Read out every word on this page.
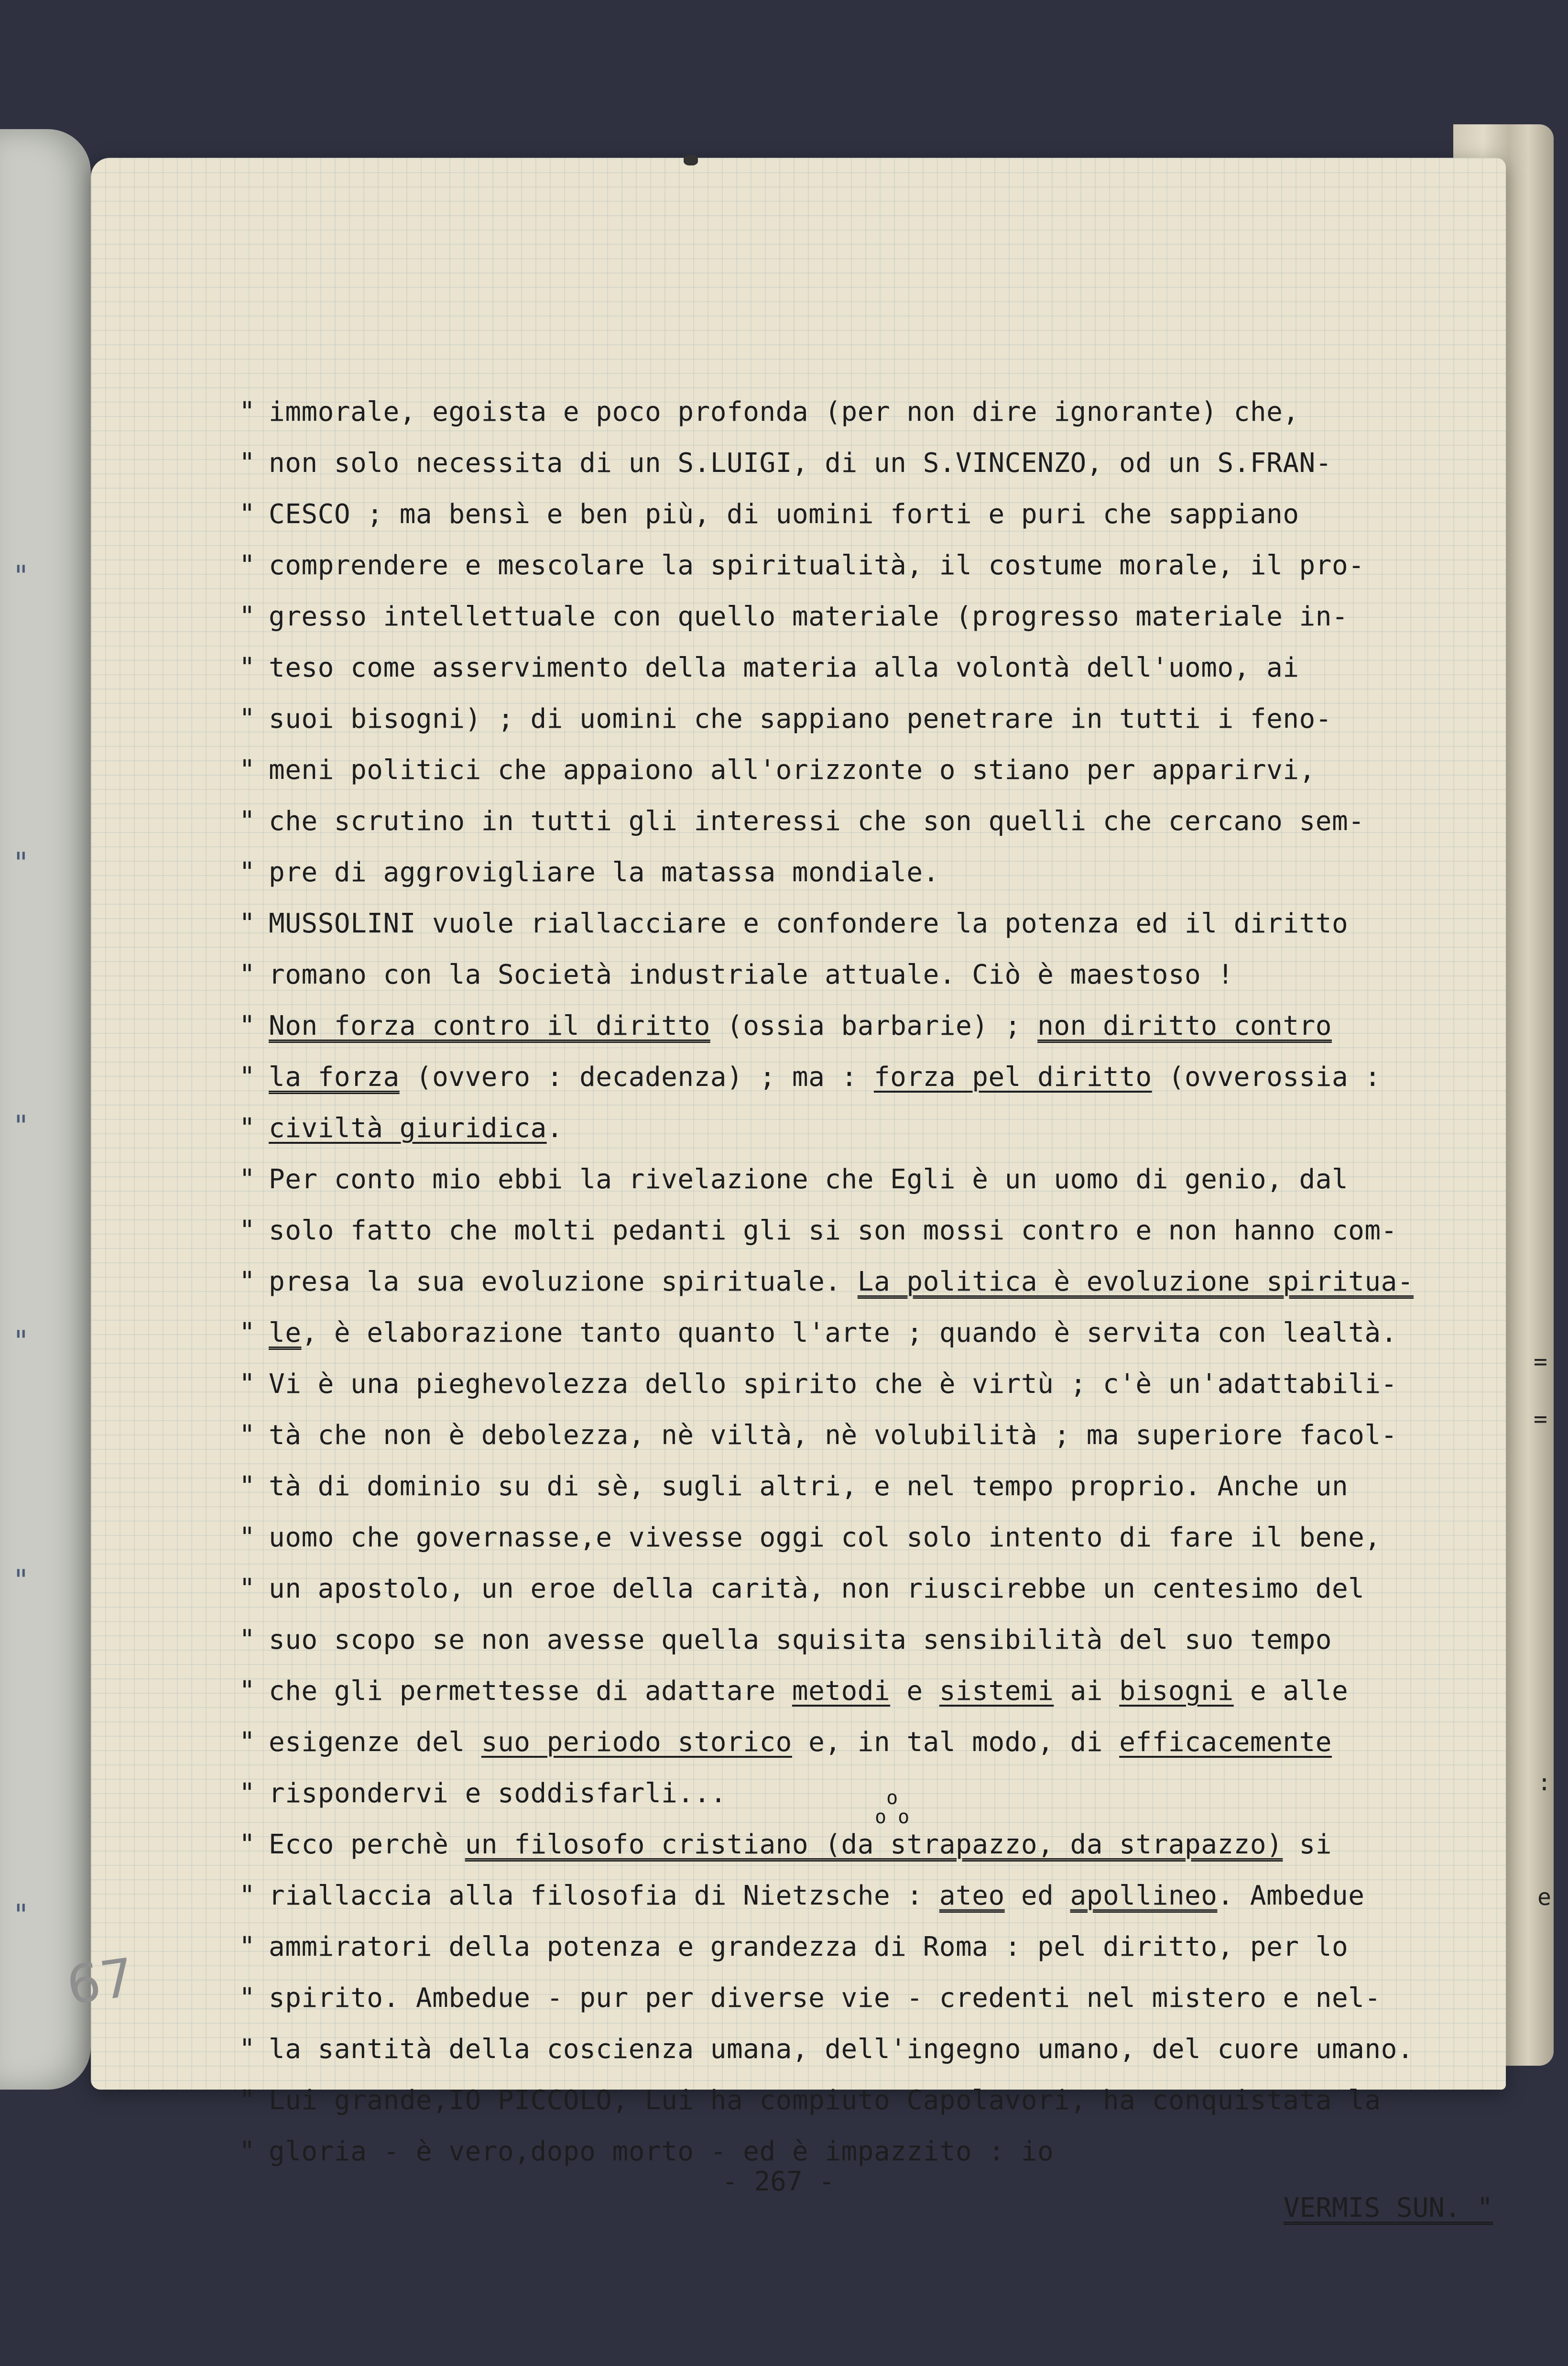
"
"
"
"
"
"
=
=
:
e
" immorale, egoista e poco profonda (per non dire ignorante) che,
" non solo necessita di un S.LUIGI, di un S.VINCENZO, od un S.FRAN-
" CESCO ; ma bensì e ben più, di uomini forti e puri che sappiano
" comprendere e mescolare la spiritualità, il costume morale, il pro-
" gresso intellettuale con quello materiale (progresso materiale in-
" teso come asservimento della materia alla volontà dell'uomo, ai
" suoi bisogni) ; di uomini che sappiano penetrare in tutti i feno-
" meni politici che appaiono all'orizzonte o stiano per apparirvi,
" che scrutino in tutti gli interessi che son quelli che cercano sem-
" pre di aggrovigliare la matassa mondiale.
" MUSSOLINI vuole riallacciare e confondere la potenza ed il diritto
" romano con la Società industriale attuale. Ciò è maestoso !
" Non forza contro il diritto (ossia barbarie) ; non diritto contro
" la forza (ovvero : decadenza) ; ma : forza pel diritto (ovverossia :
" civiltà giuridica.
" Per conto mio ebbi la rivelazione che Egli è un uomo di genio, dal
" solo fatto che molti pedanti gli si son mossi contro e non hanno com-
" presa la sua evoluzione spirituale. La politica è evoluzione spiritua-
" le, è elaborazione tanto quanto l'arte ; quando è servita con lealtà.
" Vi è una pieghevolezza dello spirito che è virtù ; c'è un'adattabili-
" tà che non è debolezza, nè viltà, nè volubilità ; ma superiore facol-
" tà di dominio su di sè, sugli altri, e nel tempo proprio. Anche un
" uomo che governasse,e vivesse oggi col solo intento di fare il bene,
" un apostolo, un eroe della carità, non riuscirebbe un centesimo del
" suo scopo se non avesse quella squisita sensibilità del suo tempo
" che gli permettesse di adattare metodi e sistemi ai bisogni e alle
" esigenze del suo periodo storico e, in tal modo, di efficacemente
" rispondervi e soddisfarli...
" Ecco perchè un filosofo cristiano (da strapazzo, da strapazzo) si
" riallaccia alla filosofia di Nietzsche : ateo ed apollineo. Ambedue
" ammiratori della potenza e grandezza di Roma : pel diritto, per lo
" spirito. Ambedue - pur per diverse vie - credenti nel mistero e nel-
" la santità della coscienza umana, dell'ingegno umano, del cuore umano.
" Lui grande,IO PICCOLO, Lui ha compiuto Capolavori, ha conquistata la
" gloria - è vero,dopo morto - ed è impazzito : io
o
o o
- 267 -

VERMIS SUN. "

67
